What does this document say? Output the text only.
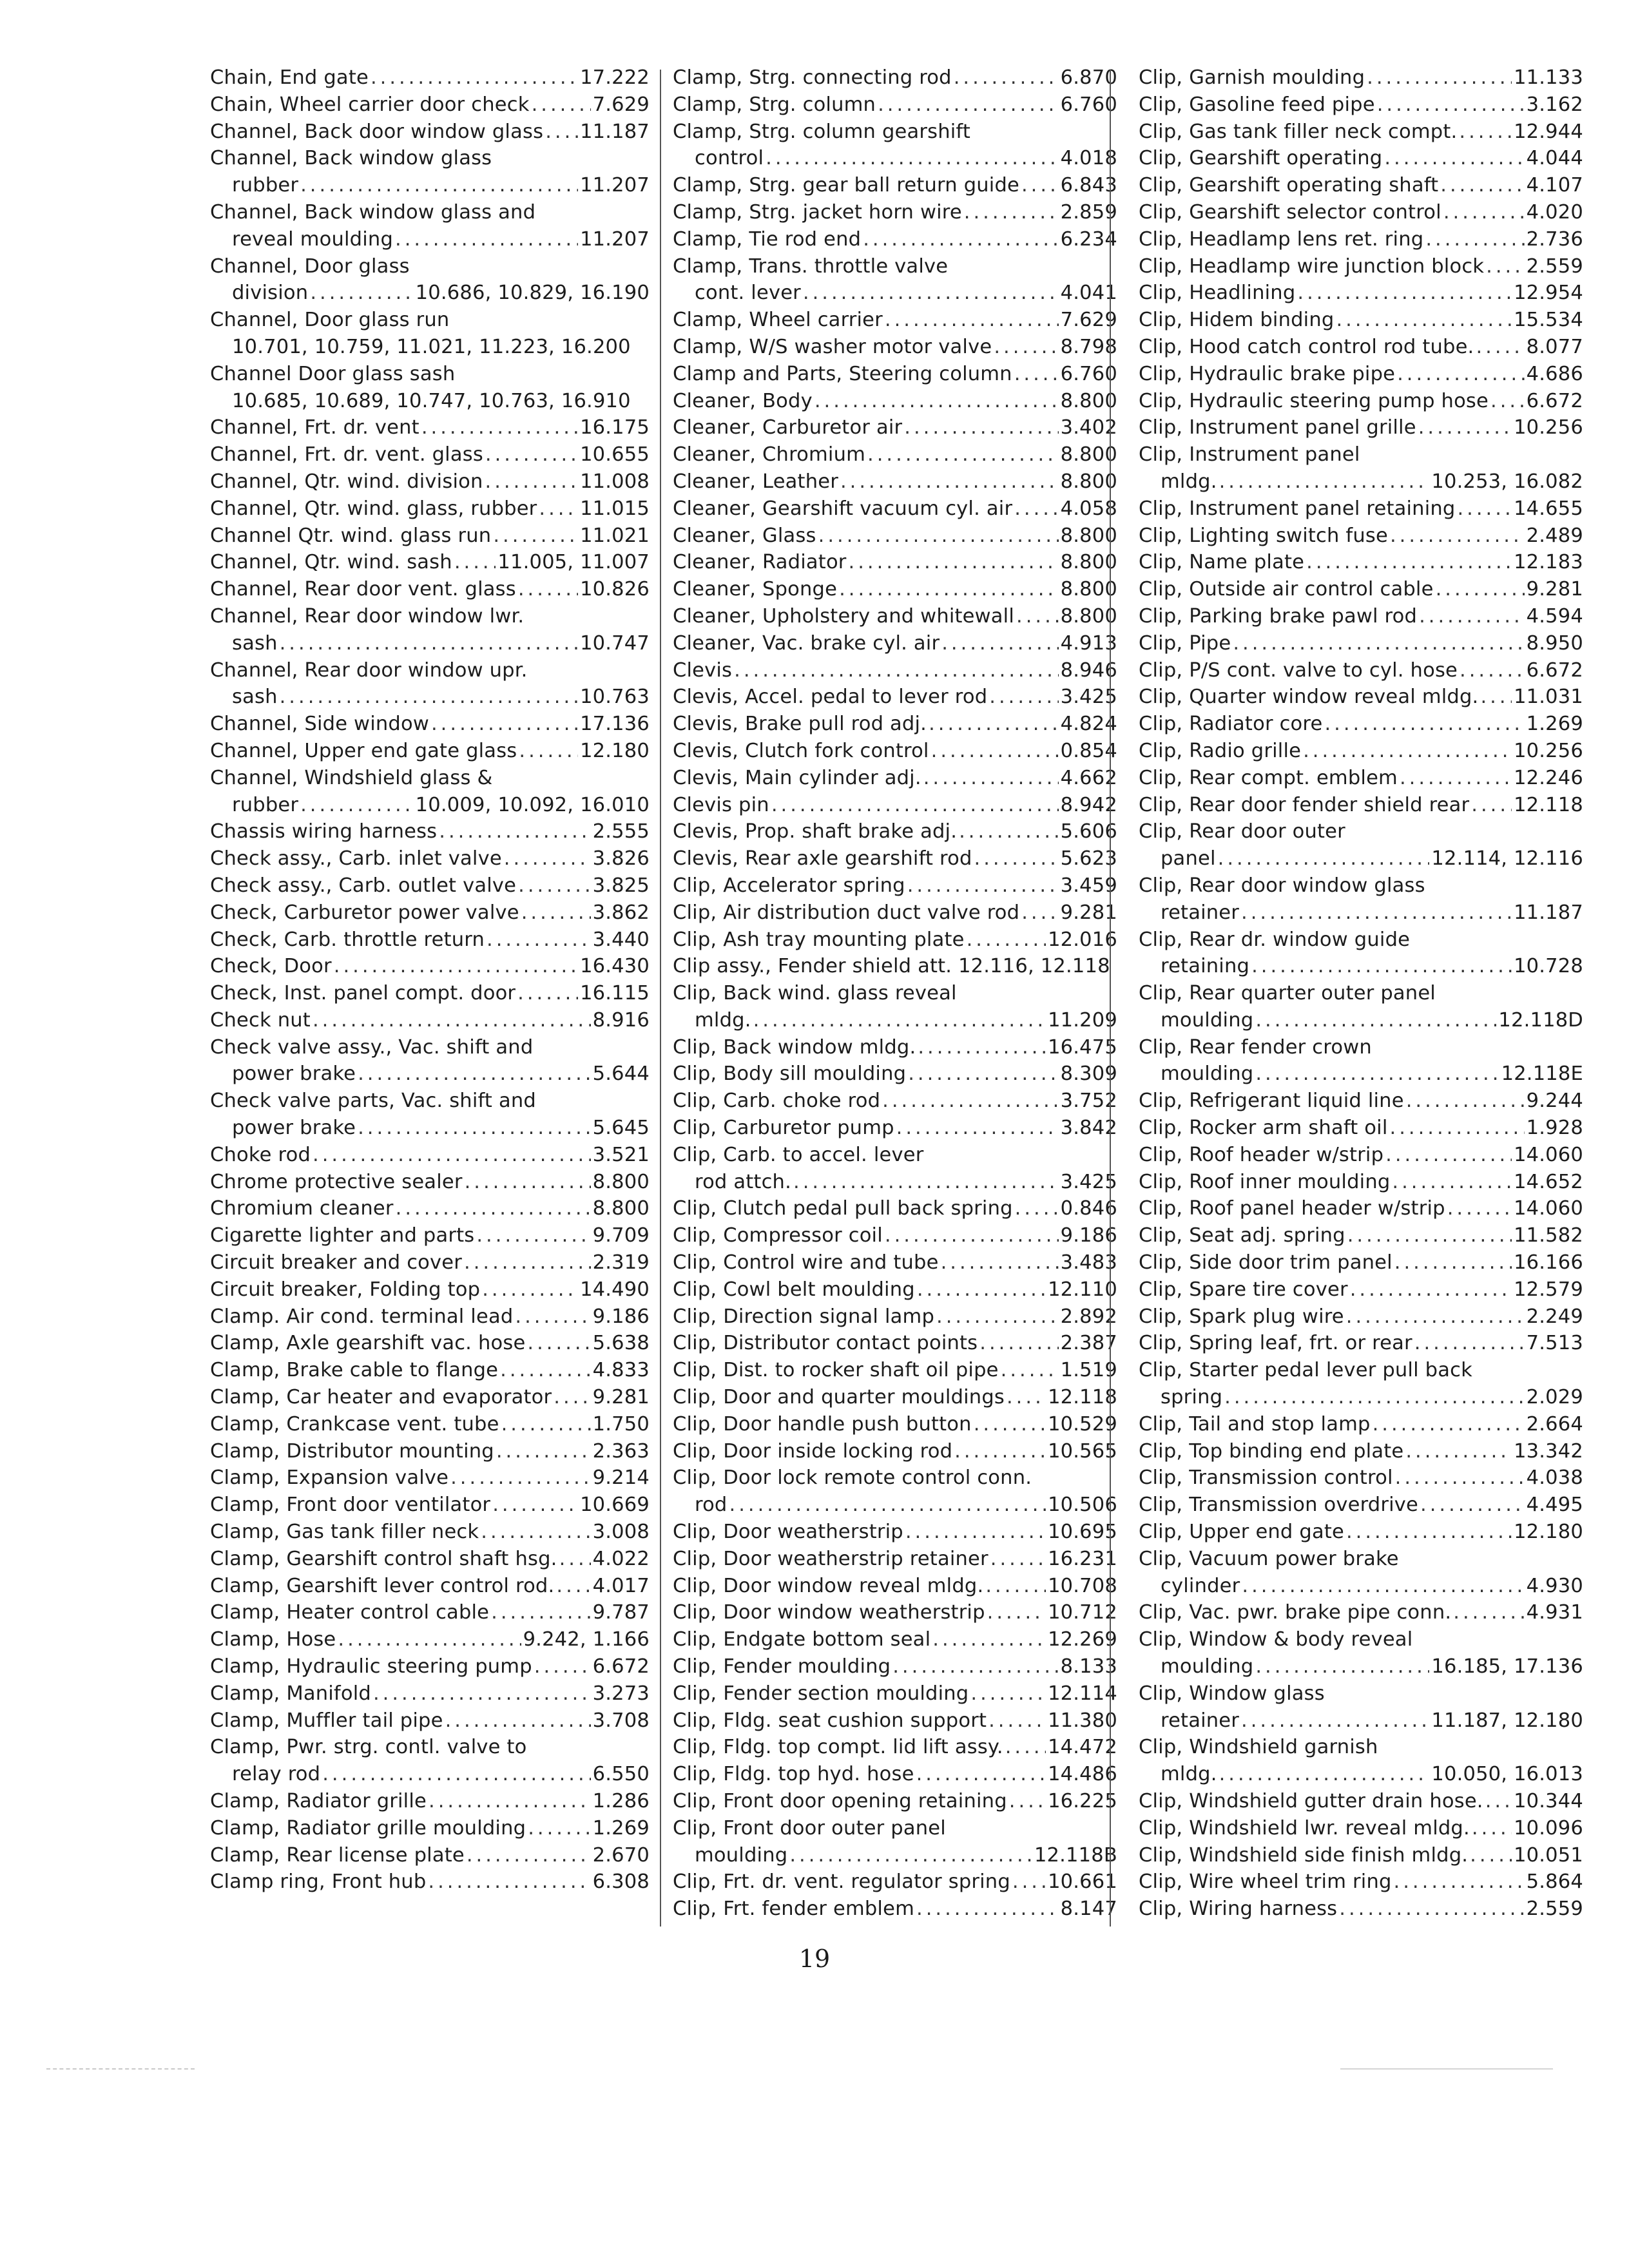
Chain, End gate .....	17.222
Chain, Wheel carrier door check .....	7.629
Channel, Back door window glass ..... 11.187
Channel, Back window glass
rubber .....	11.207
Channel, Back window glass and
reveal moulding .....	11.207
Channel, Door glass
division .....	10.686, 10.829, 16.190
Channel, Door glass run
10.701, 10.759, 11.021, 11.223, 16.200
Channel Door glass sash
10.685, 10.689, 10.747, 10.763, 16.910
Channel, Frt. dr. vent .....	16.175
Channel, Frt. dr. vent. glass .....	10.655
Channel, Qtr. wind. division .....	11.008
Channel, Qtr. wind. glass, rubber ..... 11.015
Channel Qtr. wind. glass run .....	11.021
Channel, Qtr. wind. sash ..... 11.005, 11.007
Channel, Rear door vent. glass .....	10.826
Channel, Rear door window lwr.
sash .....	10.747
Channel, Rear door window upr.
sash .....	10.763
Channel, Side window .....	17.136
Channel, Upper end gate glass .....	12.180
Channel, Windshield glass &
rubber .....	10.009, 10.092, 16.010
Chassis wiring harness .....	2.555
Check assy., Carb. inlet valve .....	3.826
Check assy., Carb. outlet valve .....	3.825
Check, Carburetor power valve .....	3.862
Check, Carb. throttle return .....	3.440
Check, Door .....	16.430
Check, Inst. panel compt. door .....	16.115
Check nut .....	8.916
Check valve assy., Vac. shift and
power brake .....	5.644
Check valve parts, Vac. shift and
power brake .....	5.645
Choke rod .....	3.521
Chrome protective sealer .....	8.800
Chromium cleaner .....	8.800
Cigarette lighter and parts .....	9.709
Circuit breaker and cover .....	2.319
Circuit breaker, Folding top .....	14.490
Clamp. Air cond. terminal lead .....	9.186
Clamp, Axle gearshift vac. hose .....	5.638
Clamp, Brake cable to flange .....	4.833
Clamp, Car heater and evaporator ..... 9.281
Clamp, Crankcase vent. tube .....	1.750
Clamp, Distributor mounting .....	2.363
Clamp, Expansion valve .....	9.214
Clamp, Front door ventilator .....	10.669
Clamp, Gas tank filler neck .....	3.008
Clamp, Gearshift control shaft hsg. ..... 4.022
Clamp, Gearshift lever control rod. ..... 4.017
Clamp, Heater control cable .....	9.787
Clamp, Hose .....	9.242, 1.166
Clamp, Hydraulic steering pump .....	6.672
Clamp, Manifold .....	3.273
Clamp, Muffler tail pipe .....	3.708
Clamp, Pwr. strg. contl. valve to
relay rod .....	6.550
Clamp, Radiator grille .....	1.286
Clamp, Radiator grille moulding .....	1.269
Clamp, Rear license plate .....	2.670
Clamp ring, Front hub .....	6.308
Clamp, Strg. connecting rod .....	6.870
Clamp, Strg. column .....	6.760
Clamp, Strg. column gearshift
control .....	4.018
Clamp, Strg. gear ball return guide ..... 6.843
Clamp, Strg. jacket horn wire .....	2.859
Clamp, Tie rod end .....	6.234
Clamp, Trans. throttle valve
cont. lever .....	4.041
Clamp, Wheel carrier .....	7.629
Clamp, W/S washer motor valve .....	8.798
Clamp and Parts, Steering column ..... 6.760
Cleaner, Body .....	8.800
Cleaner, Carburetor air .....	3.402
Cleaner, Chromium .....	8.800
Cleaner, Leather .....	8.800
Cleaner, Gearshift vacuum cyl. air ..... 4.058
Cleaner, Glass .....	8.800
Cleaner, Radiator .....	8.800
Cleaner, Sponge .....	8.800
Cleaner, Upholstery and whitewall ..... 8.800
Cleaner, Vac. brake cyl. air .....	4.913
Clevis .....	8.946
Clevis, Accel. pedal to lever rod .....	3.425
Clevis, Brake pull rod adj. .....	4.824
Clevis, Clutch fork control .....	0.854
Clevis, Main cylinder adj. .....	4.662
Clevis pin .....	8.942
Clevis, Prop. shaft brake adj. .....	5.606
Clevis, Rear axle gearshift rod .....	5.623
Clip, Accelerator spring .....	3.459
Clip, Air distribution duct valve rod ..... 9.281
Clip, Ash tray mounting plate .....	12.016
Clip assy., Fender shield att. 12.116, 12.118
Clip, Back wind. glass reveal
mldg. .....	11.209
Clip, Back window mldg. .....	16.475
Clip, Body sill moulding .....	8.309
Clip, Carb. choke rod .....	3.752
Clip, Carburetor pump .....	3.842
Clip, Carb. to accel. lever
rod attch. .....	3.425
Clip, Clutch pedal pull back spring ..... 0.846
Clip, Compressor coil .....	9.186
Clip, Control wire and tube .....	3.483
Clip, Cowl belt moulding .....	12.110
Clip, Direction signal lamp .....	2.892
Clip, Distributor contact points .....	2.387
Clip, Dist. to rocker shaft oil pipe .....	1.519
Clip, Door and quarter mouldings ..... 12.118
Clip, Door handle push button .....	10.529
Clip, Door inside locking rod .....	10.565
Clip, Door lock remote control conn.
rod .....	10.506
Clip, Door weatherstrip .....	10.695
Clip, Door weatherstrip retainer .....	16.231
Clip, Door window reveal mldg. .....	10.708
Clip, Door window weatherstrip .....	10.712
Clip, Endgate bottom seal .....	12.269
Clip, Fender moulding .....	8.133
Clip, Fender section moulding .....	12.114
Clip, Fldg. seat cushion support .....	11.380
Clip, Fldg. top compt. lid lift assy. ..... 14.472
Clip, Fldg. top hyd. hose .....	14.486
Clip, Front door opening retaining ..... 16.225
Clip, Front door outer panel
moulding .....	12.118B
Clip, Frt. dr. vent. regulator spring ..... 10.661
Clip, Frt. fender emblem .....	8.147
Clip, Garnish moulding .....	11.133
Clip, Gasoline feed pipe .....	3.162
Clip, Gas tank filler neck compt. .....	12.944
Clip, Gearshift operating .....	4.044
Clip, Gearshift operating shaft .....	4.107
Clip, Gearshift selector control .....	4.020
Clip, Headlamp lens ret. ring .....	2.736
Clip, Headlamp wire junction block ..... 2.559
Clip, Headlining .....	12.954
Clip, Hidem binding .....	15.534
Clip, Hood catch control rod tube. .....	8.077
Clip, Hydraulic brake pipe .....	4.686
Clip, Hydraulic steering pump hose ..... 6.672
Clip, Instrument panel grille .....	10.256
Clip, Instrument panel
mldg. .....	10.253, 16.082
Clip, Instrument panel retaining .....	14.655
Clip, Lighting switch fuse .....	2.489
Clip, Name plate .....	12.183
Clip, Outside air control cable .....	9.281
Clip, Parking brake pawl rod .....	4.594
Clip, Pipe .....	8.950
Clip, P/S cont. valve to cyl. hose .....	6.672
Clip, Quarter window reveal mldg. ..... 11.031
Clip, Radiator core .....	1.269
Clip, Radio grille .....	10.256
Clip, Rear compt. emblem .....	12.246
Clip, Rear door fender shield rear ..... 12.118
Clip, Rear door outer
panel .....	12.114, 12.116
Clip, Rear door window glass
retainer .....	11.187
Clip, Rear dr. window guide
retaining .....	10.728
Clip, Rear quarter outer panel
moulding .....	12.118D
Clip, Rear fender crown
moulding .....	12.118E
Clip, Refrigerant liquid line .....	9.244
Clip, Rocker arm shaft oil .....	1.928
Clip, Roof header w/strip .....	14.060
Clip, Roof inner moulding .....	14.652
Clip, Roof panel header w/strip .....	14.060
Clip, Seat adj. spring .....	11.582
Clip, Side door trim panel .....	16.166
Clip, Spare tire cover .....	12.579
Clip, Spark plug wire .....	2.249
Clip, Spring leaf, frt. or rear .....	7.513
Clip, Starter pedal lever pull back
spring .....	2.029
Clip, Tail and stop lamp .....	2.664
Clip, Top binding end plate .....	13.342
Clip, Transmission control .....	4.038
Clip, Transmission overdrive .....	4.495
Clip, Upper end gate .....	12.180
Clip, Vacuum power brake
cylinder .....	4.930
Clip, Vac. pwr. brake pipe conn. .....	4.931
Clip, Window & body reveal
moulding .....	16.185, 17.136
Clip, Window glass
retainer .....	11.187, 12.180
Clip, Windshield garnish
mldg. .....	10.050, 16.013
Clip, Windshield gutter drain hose. ..... 10.344
Clip, Windshield lwr. reveal mldg. ..... 10.096
Clip, Windshield side finish mldg. ..... 10.051
Clip, Wire wheel trim ring .....	5.864
Clip, Wiring harness .....	2.559
19
